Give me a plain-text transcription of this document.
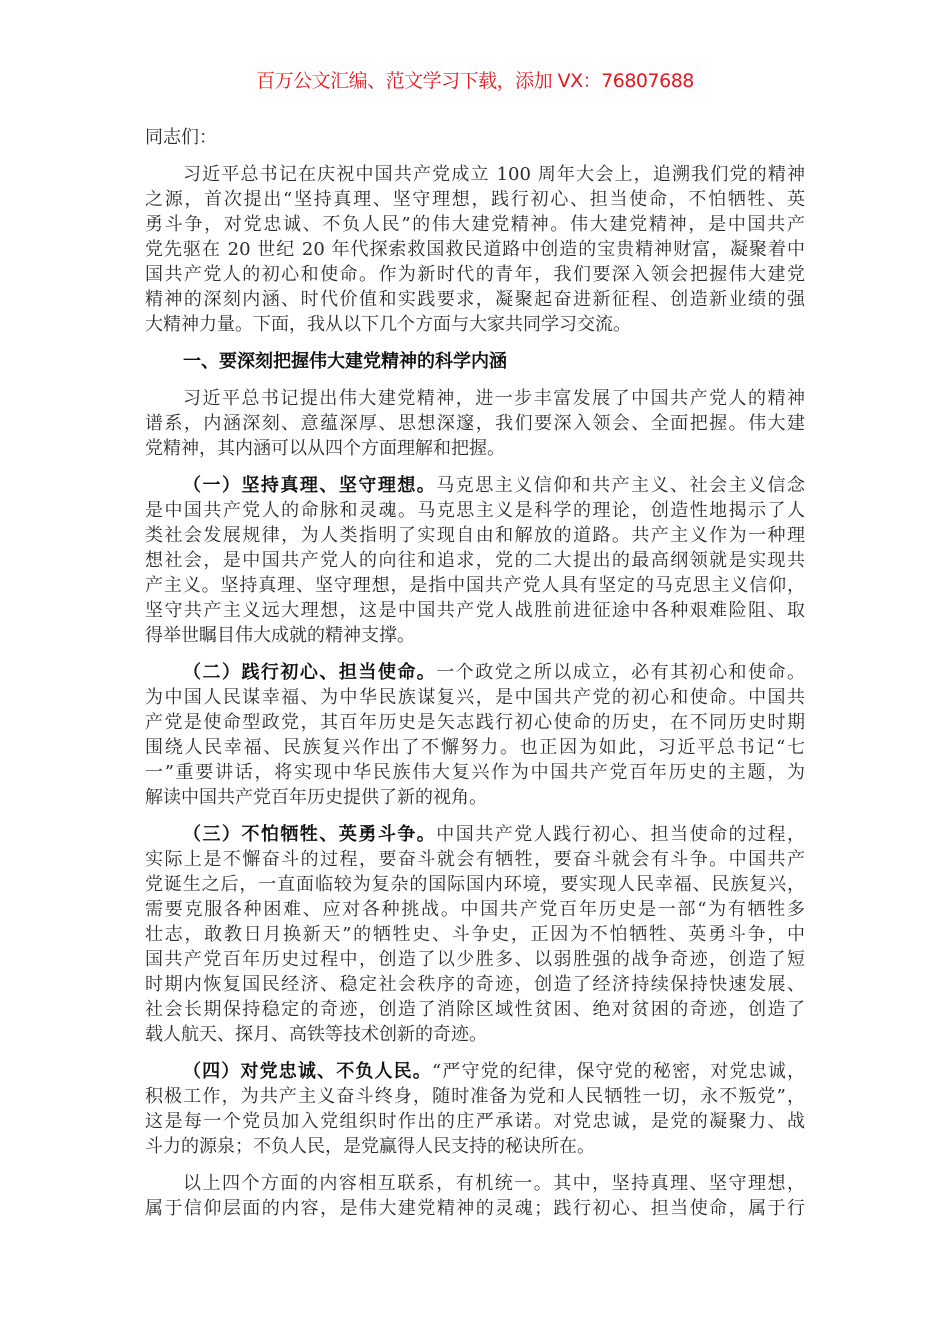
百万公文汇编、范文学习下载，添加 VX：76807688
同志们：
习近平总书记在庆祝中国共产党成立 100 周年大会上，追溯我们党的精神
之源，首次提出“坚持真理、坚守理想，践行初心、担当使命，不怕牺牲、英
勇斗争，对党忠诚、不负人民”的伟大建党精神。伟大建党精神，是中国共产
党先驱在 20 世纪 20 年代探索救国救民道路中创造的宝贵精神财富，凝聚着中
国共产党人的初心和使命。作为新时代的青年，我们要深入领会把握伟大建党
精神的深刻内涵、时代价值和实践要求，凝聚起奋进新征程、创造新业绩的强
大精神力量。下面，我从以下几个方面与大家共同学习交流。
一、要深刻把握伟大建党精神的科学内涵
习近平总书记提出伟大建党精神，进一步丰富发展了中国共产党人的精神
谱系，内涵深刻、意蕴深厚、思想深邃，我们要深入领会、全面把握。伟大建
党精神，其内涵可以从四个方面理解和把握。
（一）坚持真理、坚守理想。马克思主义信仰和共产主义、社会主义信念
是中国共产党人的命脉和灵魂。马克思主义是科学的理论，创造性地揭示了人
类社会发展规律，为人类指明了实现自由和解放的道路。共产主义作为一种理
想社会，是中国共产党人的向往和追求，党的二大提出的最高纲领就是实现共
产主义。坚持真理、坚守理想，是指中国共产党人具有坚定的马克思主义信仰，
坚守共产主义远大理想，这是中国共产党人战胜前进征途中各种艰难险阻、取
得举世瞩目伟大成就的精神支撑。
（二）践行初心、担当使命。一个政党之所以成立，必有其初心和使命。
为中国人民谋幸福、为中华民族谋复兴，是中国共产党的初心和使命。中国共
产党是使命型政党，其百年历史是矢志践行初心使命的历史，在不同历史时期
围绕人民幸福、民族复兴作出了不懈努力。也正因为如此，习近平总书记“七
一”重要讲话，将实现中华民族伟大复兴作为中国共产党百年历史的主题，为
解读中国共产党百年历史提供了新的视角。
（三）不怕牺牲、英勇斗争。中国共产党人践行初心、担当使命的过程，
实际上是不懈奋斗的过程，要奋斗就会有牺牲，要奋斗就会有斗争。中国共产
党诞生之后，一直面临较为复杂的国际国内环境，要实现人民幸福、民族复兴，
需要克服各种困难、应对各种挑战。中国共产党百年历史是一部“为有牺牲多
壮志，敢教日月换新天”的牺牲史、斗争史，正因为不怕牺牲、英勇斗争，中
国共产党百年历史过程中，创造了以少胜多、以弱胜强的战争奇迹，创造了短
时期内恢复国民经济、稳定社会秩序的奇迹，创造了经济持续保持快速发展、
社会长期保持稳定的奇迹，创造了消除区域性贫困、绝对贫困的奇迹，创造了
载人航天、探月、高铁等技术创新的奇迹。
（四）对党忠诚、不负人民。“严守党的纪律，保守党的秘密，对党忠诚，
积极工作，为共产主义奋斗终身，随时准备为党和人民牺牲一切，永不叛党”，
这是每一个党员加入党组织时作出的庄严承诺。对党忠诚，是党的凝聚力、战
斗力的源泉；不负人民，是党赢得人民支持的秘诀所在。
以上四个方面的内容相互联系，有机统一。其中，坚持真理、坚守理想，
属于信仰层面的内容，是伟大建党精神的灵魂；践行初心、担当使命，属于行
